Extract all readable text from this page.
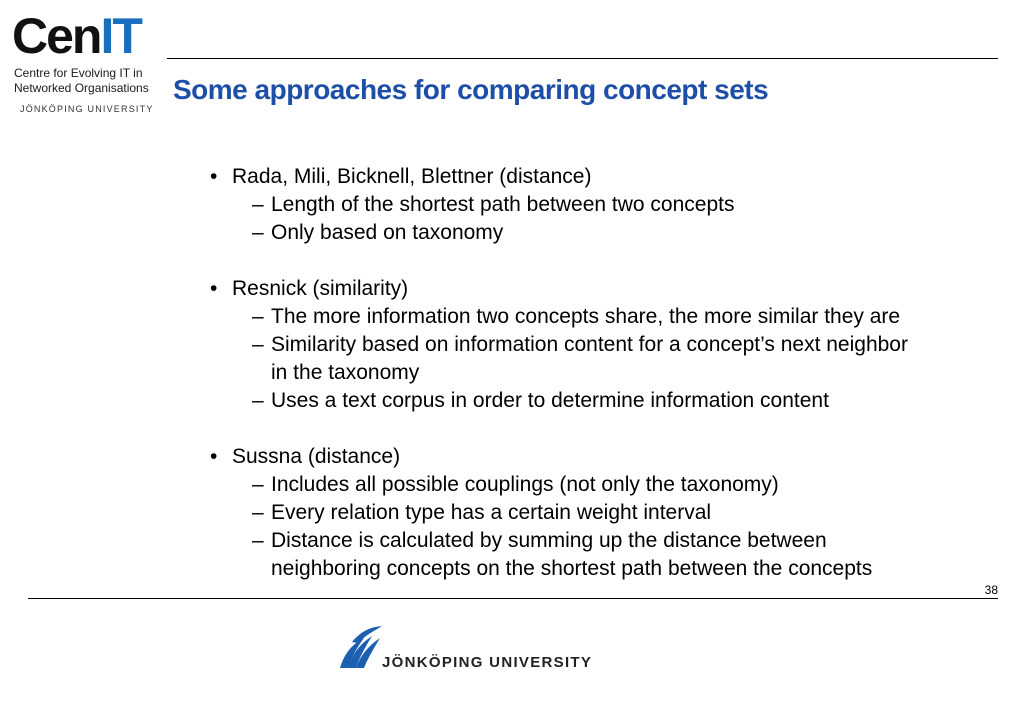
CenIT
Centre for Evolving IT in
Networked Organisations
JÖNKÖPING UNIVERSITY
Some approaches for comparing concept sets
• Rada, Mili, Bicknell, Blettner (distance)
– Length of the shortest path between two concepts
– Only based on taxonomy
• Resnick (similarity)
– The more information two concepts share, the more similar they are
– Similarity based on information content for a concept’s next neighbor
in the taxonomy
– Uses a text corpus in order to determine information content
• Sussna (distance)
– Includes all possible couplings (not only the taxonomy)
– Every relation type has a certain weight interval
– Distance is calculated by summing up the distance between
neighboring concepts on the shortest path between the concepts
38
JÖNKÖPING UNIVERSITY
